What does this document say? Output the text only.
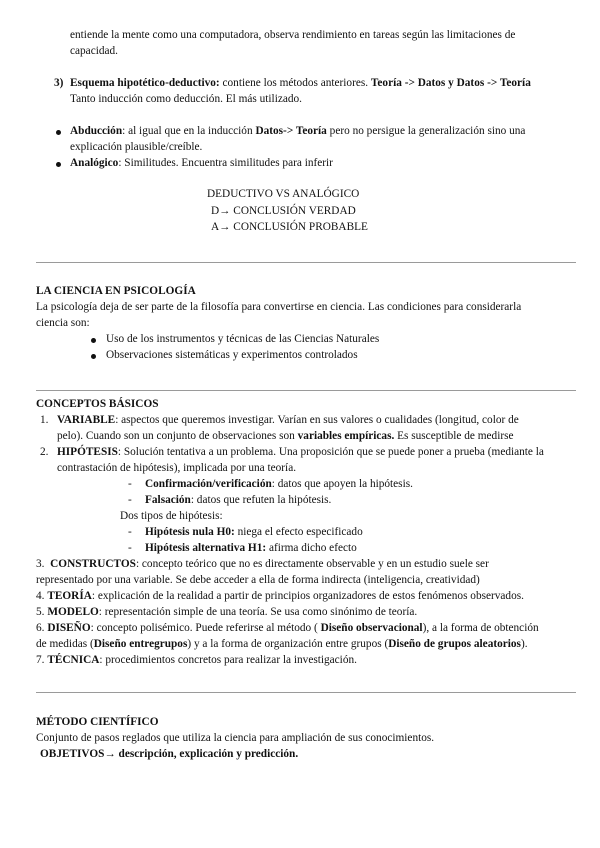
entiende la mente como una computadora, observa rendimiento en tareas según las limitaciones de

capacidad.

3) Esquema hipotético-deductivo: contiene los métodos anteriores. Teoría -> Datos y Datos -> Teoría

Tanto inducción como deducción. El más utilizado.

Abducción: al igual que en la inducción Datos-> Teoría pero no persigue la generalización sino una

explicación plausible/creíble.

Analógico: Similitudes. Encuentra similitudes para inferir

DEDUCTIVO VS ANALÓGICO

D→ CONCLUSIÓN VERDAD

A→ CONCLUSIÓN PROBABLE

LA CIENCIA EN PSICOLOGÍA

La psicología deja de ser parte de la filosofía para convertirse en ciencia. Las condiciones para considerarla

ciencia son:

Uso de los instrumentos y técnicas de las Ciencias Naturales

Observaciones sistemáticas y experimentos controlados

CONCEPTOS BÁSICOS

1. VARIABLE: aspectos que queremos investigar. Varían en sus valores o cualidades (longitud, color de

pelo). Cuando son un conjunto de observaciones son variables empíricas. Es susceptible de medirse

2. HIPÓTESIS: Solución tentativa a un problema. Una proposición que se puede poner a prueba (mediante la

contrastación de hipótesis), implicada por una teoría.

- Confirmación/verificación: datos que apoyen la hipótesis.

- Falsación: datos que refuten la hipótesis.

Dos tipos de hipótesis:

- Hipótesis nula H0: niega el efecto especificado

- Hipótesis alternativa H1: afirma dicho efecto

3. CONSTRUCTOS: concepto teórico que no es directamente observable y en un estudio suele ser

representado por una variable. Se debe acceder a ella de forma indirecta (inteligencia, creatividad)

4. TEORÍA: explicación de la realidad a partir de principios organizadores de estos fenómenos observados.

5. MODELO: representación simple de una teoría. Se usa como sinónimo de teoría.

6. DISEÑO: concepto polisémico. Puede referirse al método ( Diseño observacional), a la forma de obtención

de medidas (Diseño entregrupos) y a la forma de organización entre grupos (Diseño de grupos aleatorios).

7. TÉCNICA: procedimientos concretos para realizar la investigación.

MÉTODO CIENTÍFICO

Conjunto de pasos reglados que utiliza la ciencia para ampliación de sus conocimientos.

OBJETIVOS→ descripción, explicación y predicción.
